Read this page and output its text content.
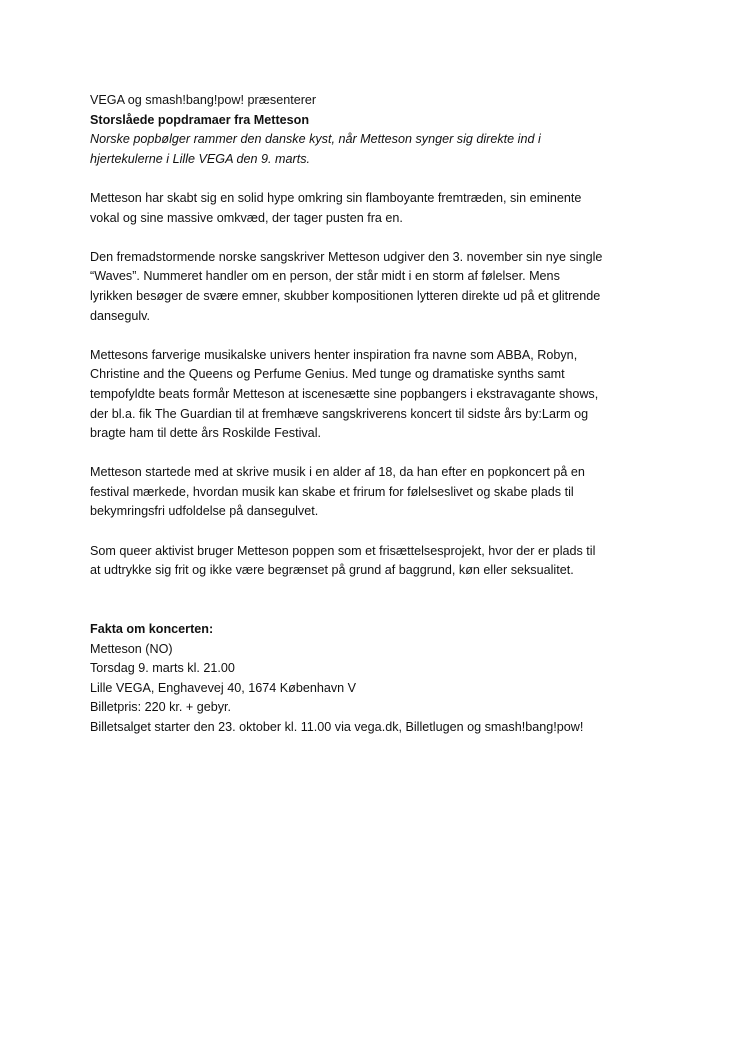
VEGA og smash!bang!pow! præsenterer
Storslåede popdramaer fra Metteson
Norske popbølger rammer den danske kyst, når Metteson synger sig direkte ind i
hjertekulerne i Lille VEGA den 9. marts.
Metteson har skabt sig en solid hype omkring sin flamboyante fremtræden, sin eminente
vokal og sine massive omkvæd, der tager pusten fra en.
Den fremadstormende norske sangskriver Metteson udgiver den 3. november sin nye single
“Waves”. Nummeret handler om en person, der står midt i en storm af følelser. Mens
lyrikken besøger de svære emner, skubber kompositionen lytteren direkte ud på et glitrende
dansegulv.
Mettesons farverige musikalske univers henter inspiration fra navne som ABBA, Robyn,
Christine and the Queens og Perfume Genius. Med tunge og dramatiske synths samt
tempofyldte beats formår Metteson at iscenesætte sine popbangers i ekstravagante shows,
der bl.a. fik The Guardian til at fremhæve sangskriverens koncert til sidste års by:Larm og
bragte ham til dette års Roskilde Festival.
Metteson startede med at skrive musik i en alder af 18, da han efter en popkoncert på en
festival mærkede, hvordan musik kan skabe et frirum for følelseslivet og skabe plads til
bekymringsfri udfoldelse på dansegulvet.
Som queer aktivist bruger Metteson poppen som et frisættelsesprojekt, hvor der er plads til
at udtrykke sig frit og ikke være begrænset på grund af baggrund, køn eller seksualitet.
Fakta om koncerten:
Metteson (NO)
Torsdag 9. marts kl. 21.00
Lille VEGA, Enghavevej 40, 1674 København V
Billetpris: 220 kr. + gebyr.
Billetsalget starter den 23. oktober kl. 11.00 via vega.dk, Billetlugen og smash!bang!pow!
